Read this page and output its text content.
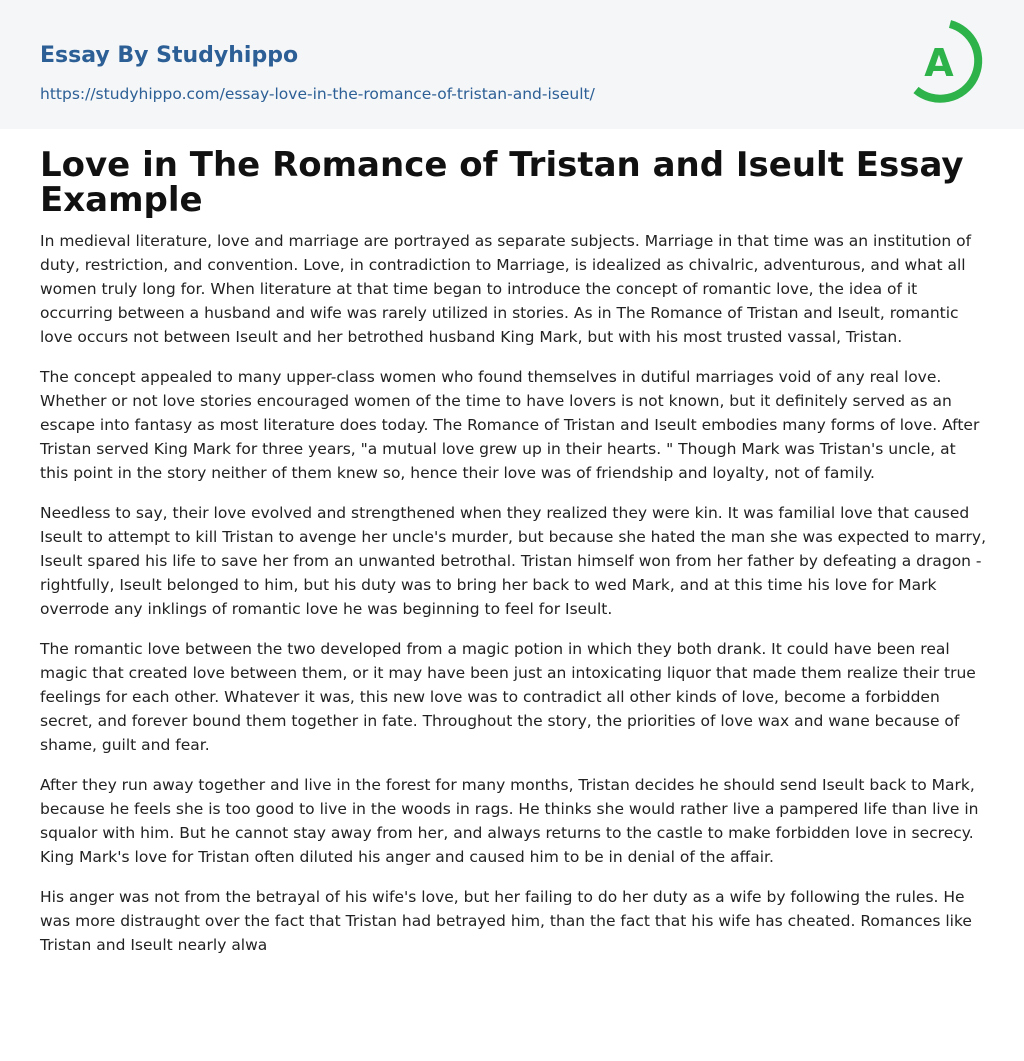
Essay By Studyhippo
https://studyhippo.com/essay-love-in-the-romance-of-tristan-and-iseult/
A
Love in The Romance of Tristan and Iseult Essay Example

In medieval literature, love and marriage are portrayed as separate subjects. Marriage in that time was an institution of duty, restriction, and convention. Love, in contradiction to Marriage, is idealized as chivalric, adventurous, and what all women truly long for. When literature at that time began to introduce the concept of romantic love, the idea of it occurring between a husband and wife was rarely utilized in stories. As in The Romance of Tristan and Iseult, romantic love occurs not between Iseult and her betrothed husband King Mark, but with his most trusted vassal, Tristan.

The concept appealed to many upper-class women who found themselves in dutiful marriages void of any real love. Whether or not love stories encouraged women of the time to have lovers is not known, but it definitely served as an escape into fantasy as most literature does today. The Romance of Tristan and Iseult embodies many forms of love. After Tristan served King Mark for three years, "a mutual love grew up in their hearts. " Though Mark was Tristan's uncle, at this point in the story neither of them knew so, hence their love was of friendship and loyalty, not of family.

Needless to say, their love evolved and strengthened when they realized they were kin. It was familial love that caused Iseult to attempt to kill Tristan to avenge her uncle's murder, but because she hated the man she was expected to marry, Iseult spared his life to save her from an unwanted betrothal. Tristan himself won from her father by defeating a dragon - rightfully, Iseult belonged to him, but his duty was to bring her back to wed Mark, and at this time his love for Mark overrode any inklings of romantic love he was beginning to feel for Iseult.

The romantic love between the two developed from a magic potion in which they both drank. It could have been real magic that created love between them, or it may have been just an intoxicating liquor that made them realize their true feelings for each other. Whatever it was, this new love was to contradict all other kinds of love, become a forbidden secret, and forever bound them together in fate. Throughout the story, the priorities of love wax and wane because of shame, guilt and fear.

After they run away together and live in the forest for many months, Tristan decides he should send Iseult back to Mark, because he feels she is too good to live in the woods in rags. He thinks she would rather live a pampered life than live in squalor with him. But he cannot stay away from her, and always returns to the castle to make forbidden love in secrecy. King Mark's love for Tristan often diluted his anger and caused him to be in denial of the affair.

His anger was not from the betrayal of his wife's love, but her failing to do her duty as a wife by following the rules. He was more distraught over the fact that Tristan had betrayed him, than the fact that his wife has cheated. Romances like Tristan and Iseult nearly alwa
